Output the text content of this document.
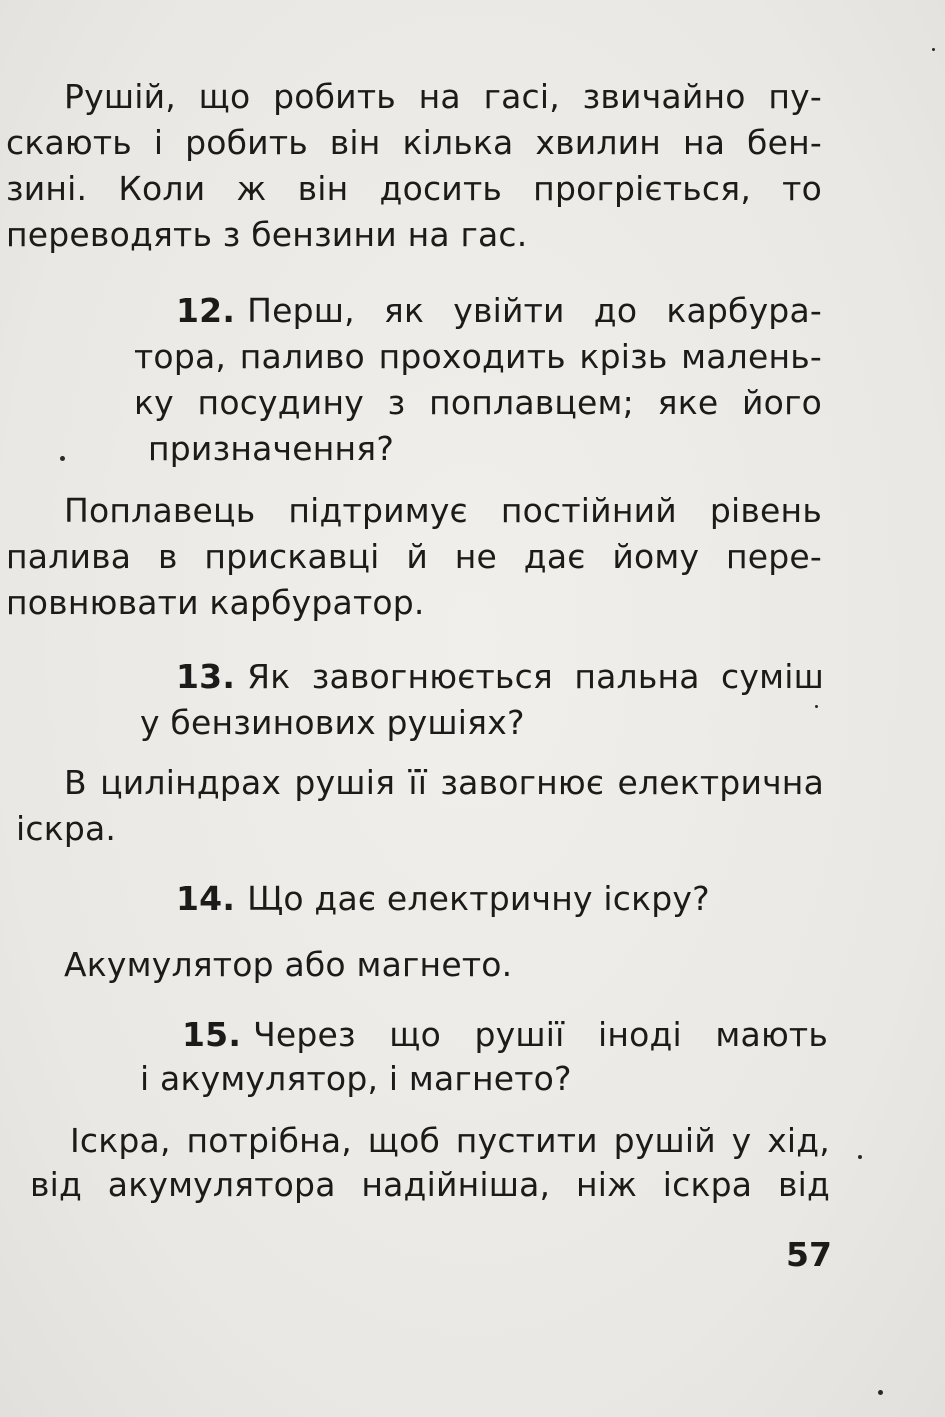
Рушій, що робить на гасі, звичайно пу-

скають і робить він кілька хвилин на бен-

зині. Коли ж він досить прогріється, то

переводять з бензини на гас.

12. Перш, як увійти до карбура-

тора, паливо проходить крізь малень-

ку посудину з поплавцем; яке його

призначення?

Поплавець підтримує постійний рівень

палива в прискавці й не дає йому пере-

повнювати карбуратор.

13. Як завогнюється пальна суміш

у бензинових рушіях?

В циліндрах рушія її завогнює електрична

іскра.

14. Що дає електричну іскру?

Акумулятор або магнето.

15. Через що рушії іноді мають

і акумулятор, і магнето?

Іскра, потрібна, щоб пустити рушій у хід,

від акумулятора надійніша, ніж іскра від

57
